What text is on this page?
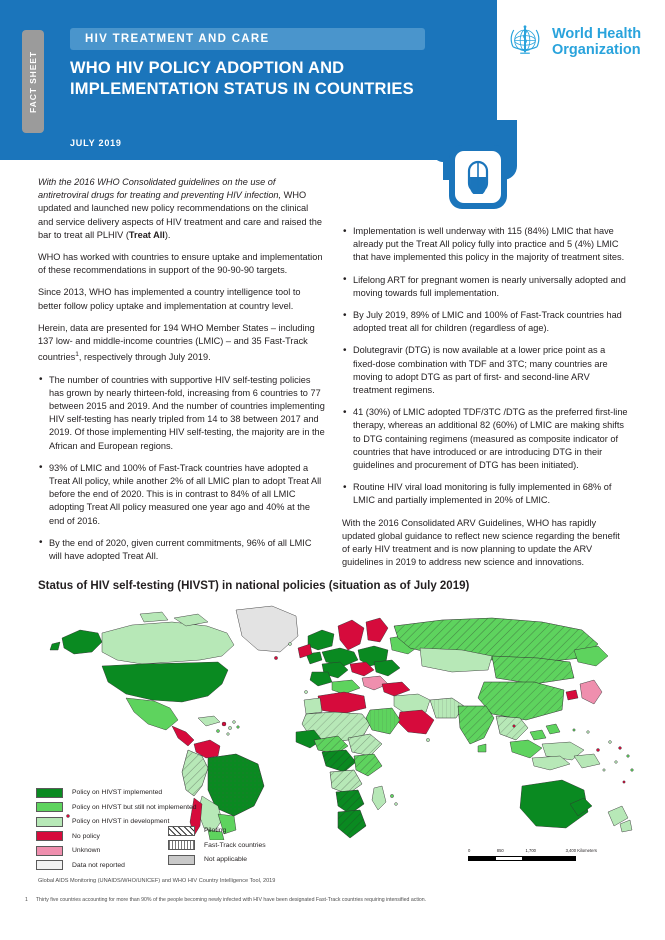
FACT SHEET
HIV TREATMENT AND CARE
WHO HIV POLICY ADOPTION AND
IMPLEMENTATION STATUS IN COUNTRIES
JULY 2019
World Health
Organization
With the 2016 WHO Consolidated guidelines on the use of antiretroviral drugs for treating and preventing HIV infection, WHO updated and launched new policy recommendations on the clinical and service delivery aspects of HIV treatment and care and raised the bar to treat all PLHIV (Treat All).
WHO has worked with countries to ensure uptake and implementation of these recommendations in support of the 90-90-90 targets.
Since 2013, WHO has implemented a country intelligence tool to better follow policy uptake and implementation at country level.
Herein, data are presented for 194 WHO Member States – including 137 low- and middle-income countries (LMIC) – and 35 Fast-Track countries$^1$, respectively through July 2019.
• The number of countries with supportive HIV self-testing policies has grown by nearly thirteen-fold, increasing from 6 countries to 77 between 2015 and 2019. And the number of countries implementing HIV self-testing has nearly tripled from 14 to 38 between 2017 and 2019. Of those implementing HIV self-testing, the majority are in the African and European regions.
• 93% of LMIC and 100% of Fast-Track countries have adopted a Treat All policy, while another 2% of all LMIC plan to adopt Treat All before the end of 2020. This is in contrast to 84% of all LMIC adopting Treat All policy measured one year ago and 40% at the end of 2016.
• By the end of 2020, given current commitments, 96% of all LMIC will have adopted Treat All.
• Implementation is well underway with 115 (84%) LMIC that have already put the Treat All policy fully into practice and 5 (4%) LMIC that have implemented this policy in the majority of treatment sites.
• Lifelong ART for pregnant women is nearly universally adopted and moving towards full implementation.
• By July 2019, 89% of LMIC and 100% of Fast-Track countries had adopted treat all for children (regardless of age).
• Dolutegravir (DTG) is now available at a lower price point as a fixed-dose combination with TDF and 3TC; many countries are moving to adopt DTG as part of first- and second-line ARV treatment regimens.
• 41 (30%) of LMIC adopted TDF/3TC /DTG as the preferred first-line therapy, whereas an additional 82 (60%) of LMIC are making shifts to DTG containing regimens (measured as composite indicator of countries that have introduced or are introducing DTG in their guidelines and procurement of DTG has been initiated).
• Routine HIV viral load monitoring is fully implemented in 68% of LMIC and partially implemented in 20% of LMIC.
With the 2016 Consolidated ARV Guidelines, WHO has rapidly updated global guidance to reflect new science regarding the benefit of early HIV treatment and is now planning to update the ARV guidelines in 2019 to address new science and innovations.
Status of HIV self-testing (HIVST) in national policies (situation as of July 2019)
Policy on HIVST implemented
Policy on HIVST but still not implemented
Policy on HIVST in development
No policy
Unknown
Data not reported
Piloting
Fast-Track countries
Not applicable
0	850	1,700	3,400 Kilometers
Global AIDS Monitoring (UNAIDS/WHO/UNICEF) and WHO HIV Country Intelligence Tool, 2019
1 Thirty five countries accounting for more than 90% of the people becoming newly infected with HIV have been designated Fast-Track countries requiring intensified action.
